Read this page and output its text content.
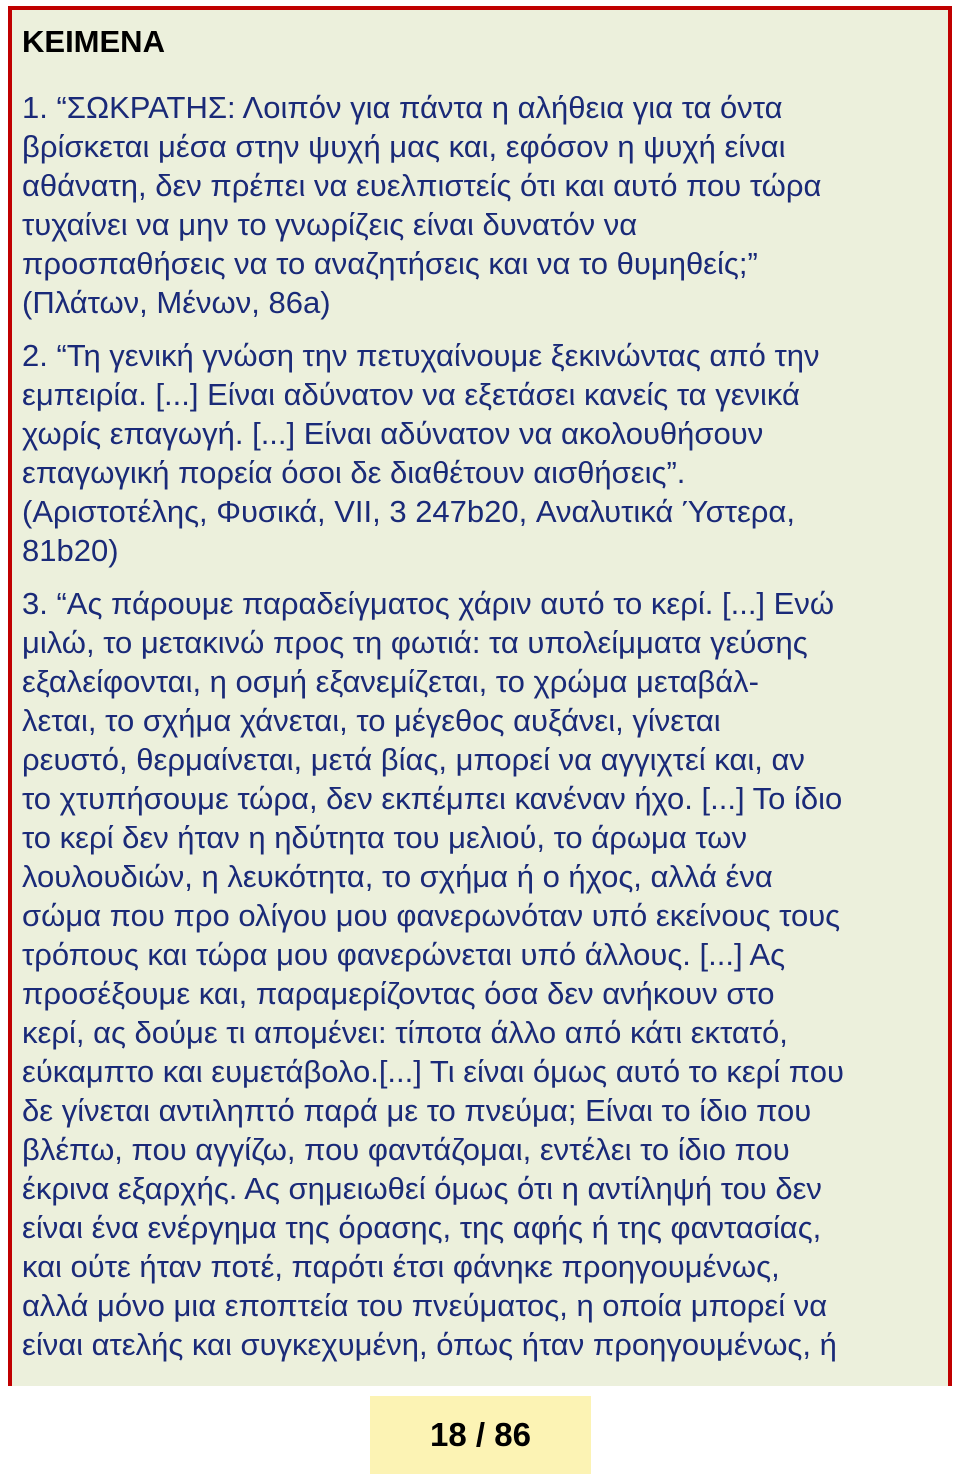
ΚΕΙΜΕΝΑ

1. “ΣΩΚΡΑΤΗΣ: Λοιπόν για πάντα η αλήθεια για τα όντα
βρίσκεται μέσα στην ψυχή μας και, εφόσον η ψυχή είναι
αθάνατη, δεν πρέπει να ευελπιστείς ότι και αυτό που τώρα
τυχαίνει να μην το γνωρίζεις είναι δυνατόν να
προσπαθήσεις να το αναζητήσεις και να το θυμηθείς;”
(Πλάτων, Μένων, 86a)

2. “Τη γενική γνώση την πετυχαίνουμε ξεκινώντας από την
εμπειρία. [...] Είναι αδύνατον να εξετάσει κανείς τα γενικά
χωρίς επαγωγή. [...] Είναι αδύνατον να ακολουθήσουν
επαγωγική πορεία όσοι δε διαθέτουν αισθήσεις”.
(Αριστοτέλης, Φυσικά, VII, 3 247b20, Αναλυτικά Ύστερα,
81b20)

3. “Ας πάρουμε παραδείγματος χάριν αυτό το κερί. [...] Ενώ
μιλώ, το μετακινώ προς τη φωτιά: τα υπολείμματα γεύσης
εξαλείφονται, η οσμή εξανεμίζεται, το χρώμα μεταβάλ-
λεται, το σχήμα χάνεται, το μέγεθος αυξάνει, γίνεται
ρευστό, θερμαίνεται, μετά βίας, μπορεί να αγγιχτεί και, αν
το χτυπήσουμε τώρα, δεν εκπέμπει κανέναν ήχο. [...] Το ίδιο
το κερί δεν ήταν η ηδύτητα του μελιού, το άρωμα των
λουλουδιών, η λευκότητα, το σχήμα ή ο ήχος, αλλά ένα
σώμα που προ ολίγου μου φανερωνόταν υπό εκείνους τους
τρόπους και τώρα μου φανερώνεται υπό άλλους. [...] Ας
προσέξουμε και, παραμερίζοντας όσα δεν ανήκουν στο
κερί, ας δούμε τι απομένει: τίποτα άλλο από κάτι εκτατό,
εύκαμπτο και ευμετάβολο.[...] Τι είναι όμως αυτό το κερί που
δε γίνεται αντιληπτό παρά με το πνεύμα; Είναι το ίδιο που
βλέπω, που αγγίζω, που φαντάζομαι, εντέλει το ίδιο που
έκρινα εξαρχής. Ας σημειωθεί όμως ότι η αντίληψή του δεν
είναι ένα ενέργημα της όρασης, της αφής ή της φαντασίας,
και ούτε ήταν ποτέ, παρότι έτσι φάνηκε προηγουμένως,
αλλά μόνο μια εποπτεία του πνεύματος, η οποία μπορεί να
είναι ατελής και συγκεχυμένη, όπως ήταν προηγουμένως, ή

18 / 86
